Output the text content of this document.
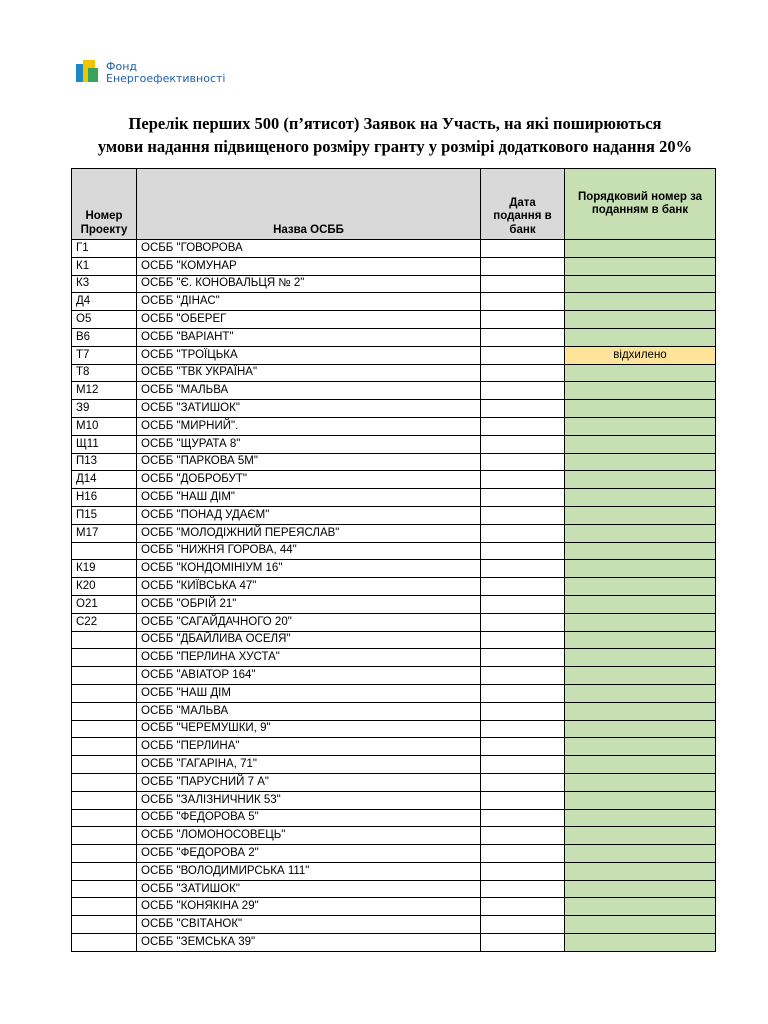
Фонд
Енергоефективності
Перелік перших 500 (п’ятисот) Заявок на Участь, на які поширюються
умови надання підвищеного розміру гранту у розмірі додаткового надання 20%
Номер Проекту	Назва ОСББ	Дата подання в банк	Порядковий номер за поданням в банк
Г1	ОСББ "ГОВОРОВА		
К1	ОСББ "КОМУНАР		
К3	ОСББ "Є. КОНОВАЛЬЦЯ № 2"		
Д4	ОСББ "ДІНАС"		
О5	ОСББ "ОБЕРЕГ		
В6	ОСББ "ВАРІАНТ"		
Т7	ОСББ "ТРОЇЦЬКА		відхилено
Т8	ОСББ "ТВК УКРАЇНА"		
М12	ОСББ "МАЛЬВА		
З9	ОСББ "ЗАТИШОК"		
М10	ОСББ "МИРНИЙ".		
Щ11	ОСББ "ЩУРАТА 8"		
П13	ОСББ "ПАРКОВА 5М"		
Д14	ОСББ "ДОБРОБУТ"		
Н16	ОСББ "НАШ ДІМ"		
П15	ОСББ "ПОНАД УДАЄМ"		
М17	ОСББ "МОЛОДІЖНИЙ ПЕРЕЯСЛАВ"		
	ОСББ "НИЖНЯ ГОРОВА, 44"		
К19	ОСББ "КОНДОМІНІУМ 16"		
К20	ОСББ "КИЇВСЬКА 47"		
О21	ОСББ "ОБРІЙ 21"		
С22	ОСББ "САГАЙДАЧНОГО 20"		
	ОСББ "ДБАЙЛИВА ОСЕЛЯ"		
	ОСББ "ПЕРЛИНА ХУСТА"		
	ОСББ "АВІАТОР 164"		
	ОСББ "НАШ ДІМ		
	ОСББ "МАЛЬВА		
	ОСББ "ЧЕРЕМУШКИ, 9"		
	ОСББ "ПЕРЛИНА"		
	ОСББ "ГАГАРІНА, 71"		
	ОСББ "ПАРУСНИЙ 7 А"		
	ОСББ "ЗАЛІЗНИЧНИК 53"		
	ОСББ "ФЕДОРОВА 5"		
	ОСББ "ЛОМОНОСОВЕЦЬ"		
	ОСББ "ФЕДОРОВА 2"		
	ОСББ "ВОЛОДИМИРСЬКА 111"		
	ОСББ "ЗАТИШОК"		
	ОСББ "КОНЯКІНА 29"		
	ОСББ "СВІТАНОК"		
	ОСББ "ЗЕМСЬКА 39"		
